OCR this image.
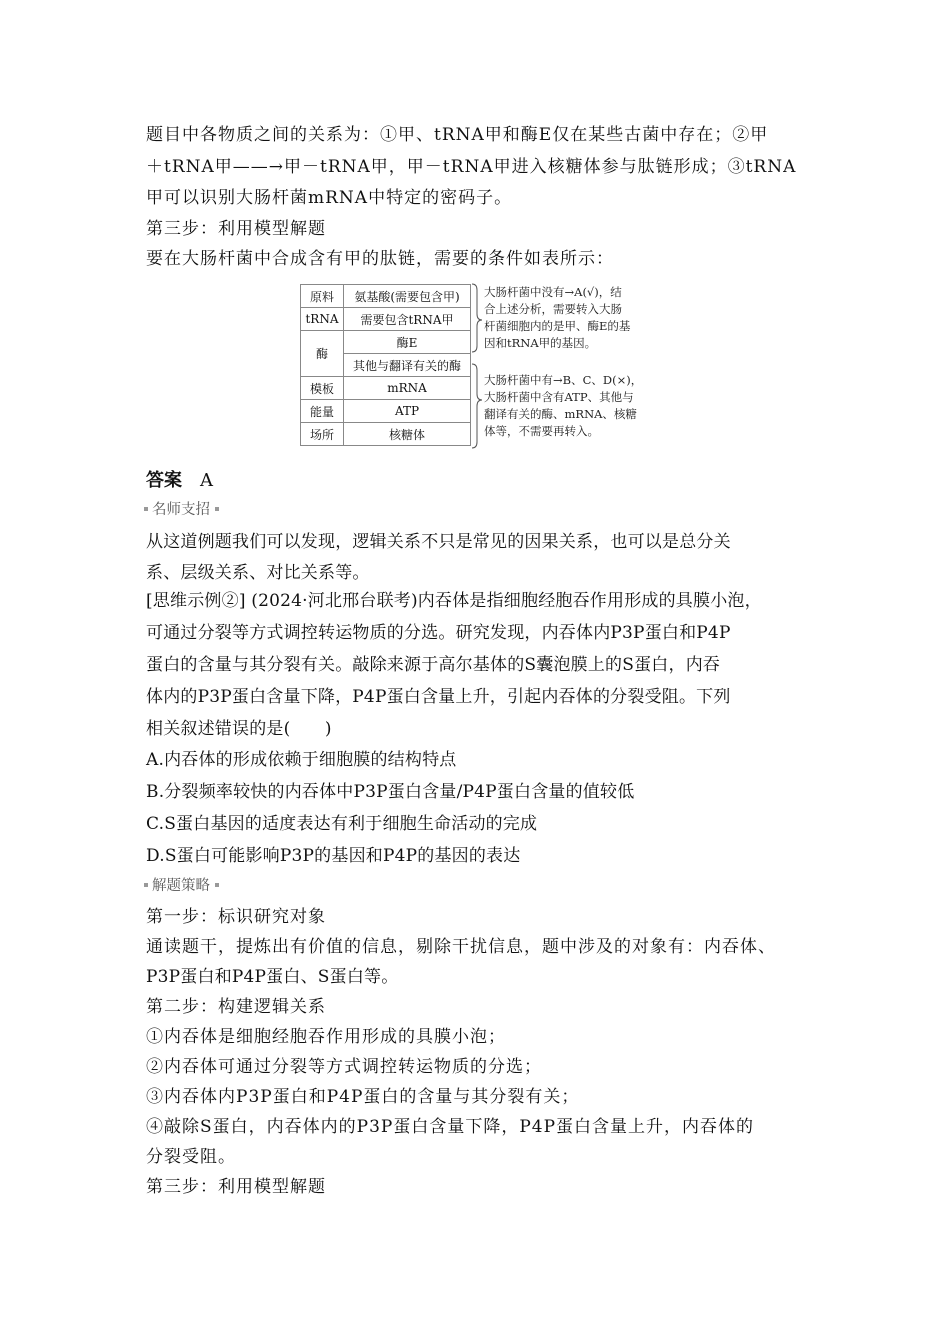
题目中各物质之间的关系为：①甲、tRNA甲和酶E仅在某些古菌中存在；②甲
＋tRNA甲——→甲－tRNA甲，甲－tRNA甲进入核糖体参与肽链形成；③tRNA
甲可以识别大肠杆菌mRNA中特定的密码子。
第三步：利用模型解题
要在大肠杆菌中合成含有甲的肽链，需要的条件如表所示：
原料	氨基酸(需要包含甲)
tRNA	需要包含tRNA甲
酶	酶E
	其他与翻译有关的酶
模板	mRNA
能量	ATP
场所	核糖体
大肠杆菌中没有→A(√)，结
合上述分析，需要转入大肠
杆菌细胞内的是甲、酶E的基
因和tRNA甲的基因。
大肠杆菌中有→B、C、D(×)，
大肠杆菌中含有ATP、其他与
翻译有关的酶、mRNA、核糖
体等，不需要再转入。
答案 A
名师支招
从这道例题我们可以发现，逻辑关系不只是常见的因果关系，也可以是总分关
系、层级关系、对比关系等。
[思维示例②] (2024·河北邢台联考)内吞体是指细胞经胞吞作用形成的具膜小泡，
可通过分裂等方式调控转运物质的分选。研究发现，内吞体内P3P蛋白和P4P
蛋白的含量与其分裂有关。敲除来源于高尔基体的S囊泡膜上的S蛋白，内吞
体内的P3P蛋白含量下降，P4P蛋白含量上升，引起内吞体的分裂受阻。下列
相关叙述错误的是(　　)
A.内吞体的形成依赖于细胞膜的结构特点
B.分裂频率较快的内吞体中P3P蛋白含量/P4P蛋白含量的值较低
C.S蛋白基因的适度表达有利于细胞生命活动的完成
D.S蛋白可能影响P3P的基因和P4P的基因的表达
解题策略
第一步：标识研究对象
通读题干，提炼出有价值的信息，剔除干扰信息，题中涉及的对象有：内吞体、
P3P蛋白和P4P蛋白、S蛋白等。
第二步：构建逻辑关系
①内吞体是细胞经胞吞作用形成的具膜小泡；
②内吞体可通过分裂等方式调控转运物质的分选；
③内吞体内P3P蛋白和P4P蛋白的含量与其分裂有关；
④敲除S蛋白，内吞体内的P3P蛋白含量下降，P4P蛋白含量上升，内吞体的
分裂受阻。
第三步：利用模型解题
